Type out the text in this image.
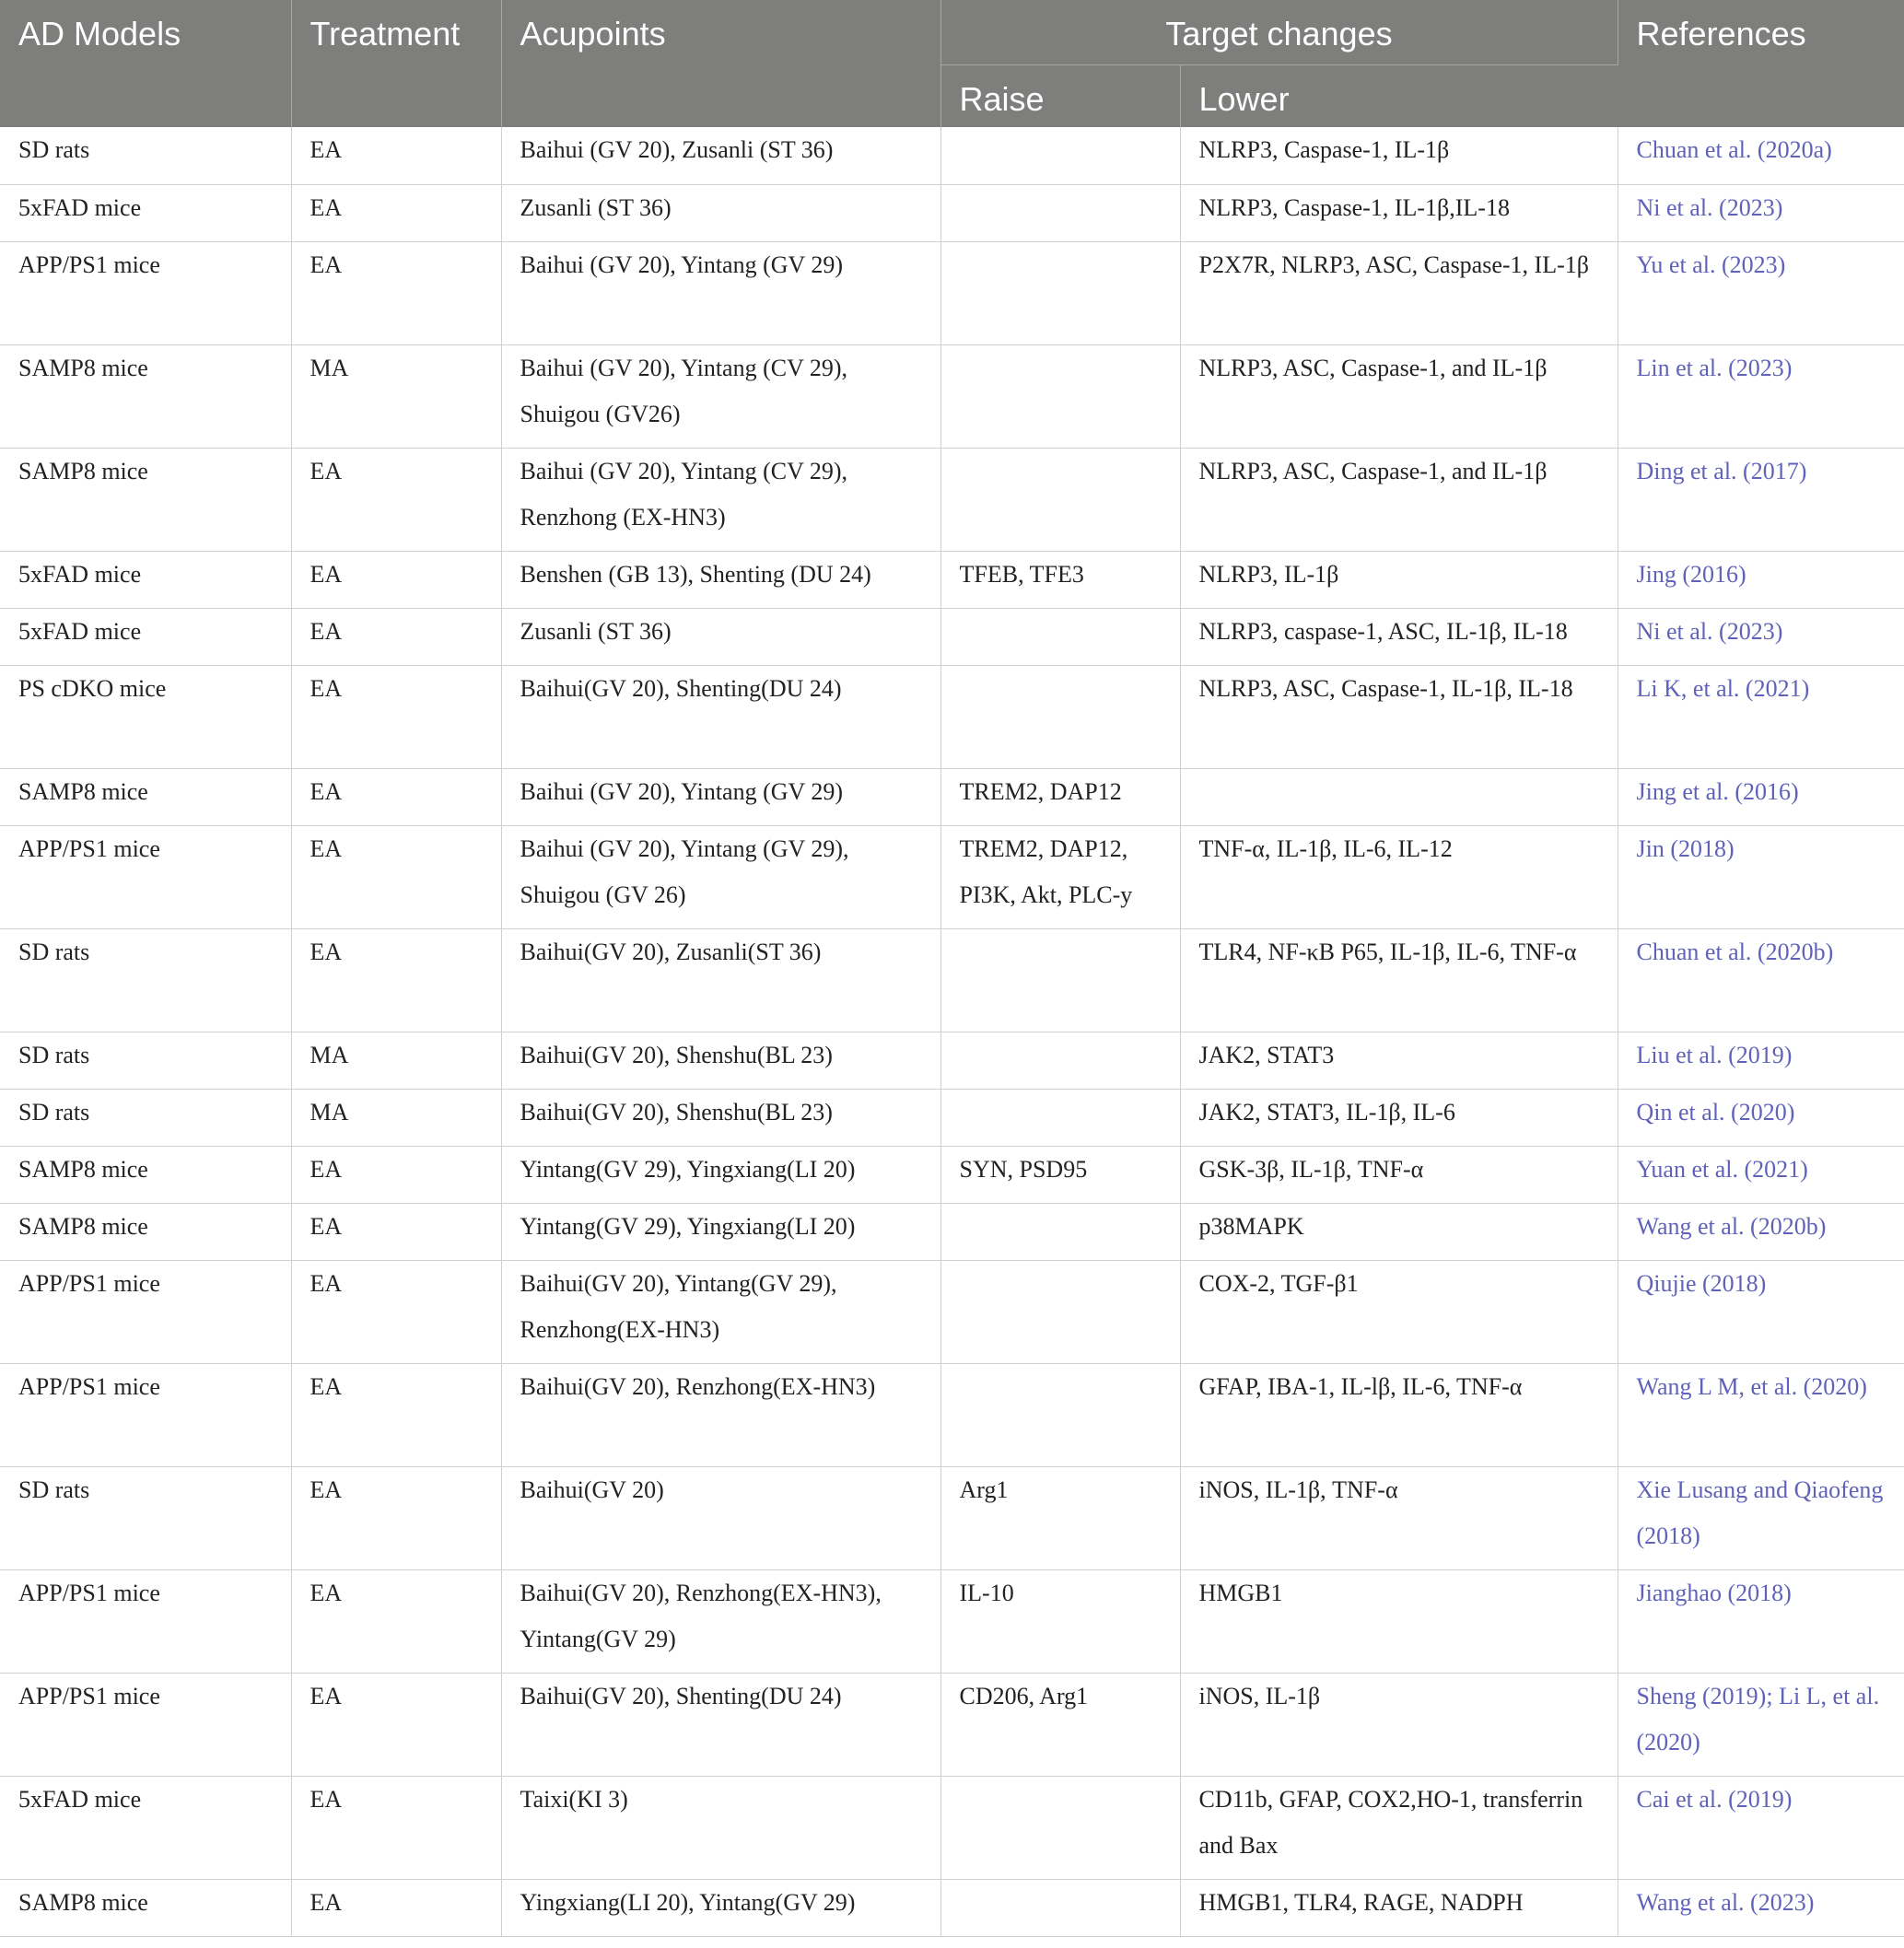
AD Models	Treatment	Acupoints	Target changes		References
			Raise	Lower	
SD rats	EA	Baihui (GV 20), Zusanli (ST 36)		NLRP3, Caspase-1, IL-1β	Chuan et al. (2020a)
5xFAD mice	EA	Zusanli (ST 36)		NLRP3, Caspase-1, IL-1β,IL-18	Ni et al. (2023)
APP/PS1 mice	EA	Baihui (GV 20), Yintang (GV 29)		P2X7R, NLRP3, ASC, Caspase-1, IL-1β	Yu et al. (2023)
SAMP8 mice	MA	Baihui (GV 20), Yintang (CV 29), Shuigou (GV26)		NLRP3, ASC, Caspase-1, and IL-1β	Lin et al. (2023)
SAMP8 mice	EA	Baihui (GV 20), Yintang (CV 29), Renzhong (EX-HN3)		NLRP3, ASC, Caspase-1, and IL-1β	Ding et al. (2017)
5xFAD mice	EA	Benshen (GB 13), Shenting (DU 24)	TFEB, TFE3	NLRP3, IL-1β	Jing (2016)
5xFAD mice	EA	Zusanli (ST 36)		NLRP3, caspase-1, ASC, IL-1β, IL-18	Ni et al. (2023)
PS cDKO mice	EA	Baihui(GV 20), Shenting(DU 24)		NLRP3, ASC, Caspase-1, IL-1β, IL-18	Li K, et al. (2021)
SAMP8 mice	EA	Baihui (GV 20), Yintang (GV 29)	TREM2, DAP12		Jing et al. (2016)
APP/PS1 mice	EA	Baihui (GV 20), Yintang (GV 29), Shuigou (GV 26)	TREM2, DAP12, PI3K, Akt, PLC-y	TNF-α, IL-1β, IL-6, IL-12	Jin (2018)
SD rats	EA	Baihui(GV 20), Zusanli(ST 36)		TLR4, NF-κB P65, IL-1β, IL-6, TNF-α	Chuan et al. (2020b)
SD rats	MA	Baihui(GV 20), Shenshu(BL 23)		JAK2, STAT3	Liu et al. (2019)
SD rats	MA	Baihui(GV 20), Shenshu(BL 23)		JAK2, STAT3, IL-1β, IL-6	Qin et al. (2020)
SAMP8 mice	EA	Yintang(GV 29), Yingxiang(LI 20)	SYN, PSD95	GSK-3β, IL-1β, TNF-α	Yuan et al. (2021)
SAMP8 mice	EA	Yintang(GV 29), Yingxiang(LI 20)		p38MAPK	Wang et al. (2020b)
APP/PS1 mice	EA	Baihui(GV 20), Yintang(GV 29), Renzhong(EX-HN3)		COX-2, TGF-β1	Qiujie (2018)
APP/PS1 mice	EA	Baihui(GV 20), Renzhong(EX-HN3)		GFAP, IBA-1, IL-lβ, IL-6, TNF-α	Wang L M, et al. (2020)
SD rats	EA	Baihui(GV 20)	Arg1	iNOS, IL-1β, TNF-α	Xie Lusang and Qiaofeng (2018)
APP/PS1 mice	EA	Baihui(GV 20), Renzhong(EX-HN3), Yintang(GV 29)	IL-10	HMGB1	Jianghao (2018)
APP/PS1 mice	EA	Baihui(GV 20), Shenting(DU 24)	CD206, Arg1	iNOS, IL-1β	Sheng (2019); Li L, et al. (2020)
5xFAD mice	EA	Taixi(KI 3)		CD11b, GFAP, COX2,HO-1, transferrin and Bax	Cai et al. (2019)
SAMP8 mice	EA	Yingxiang(LI 20), Yintang(GV 29)		HMGB1, TLR4, RAGE, NADPH	Wang et al. (2023)
